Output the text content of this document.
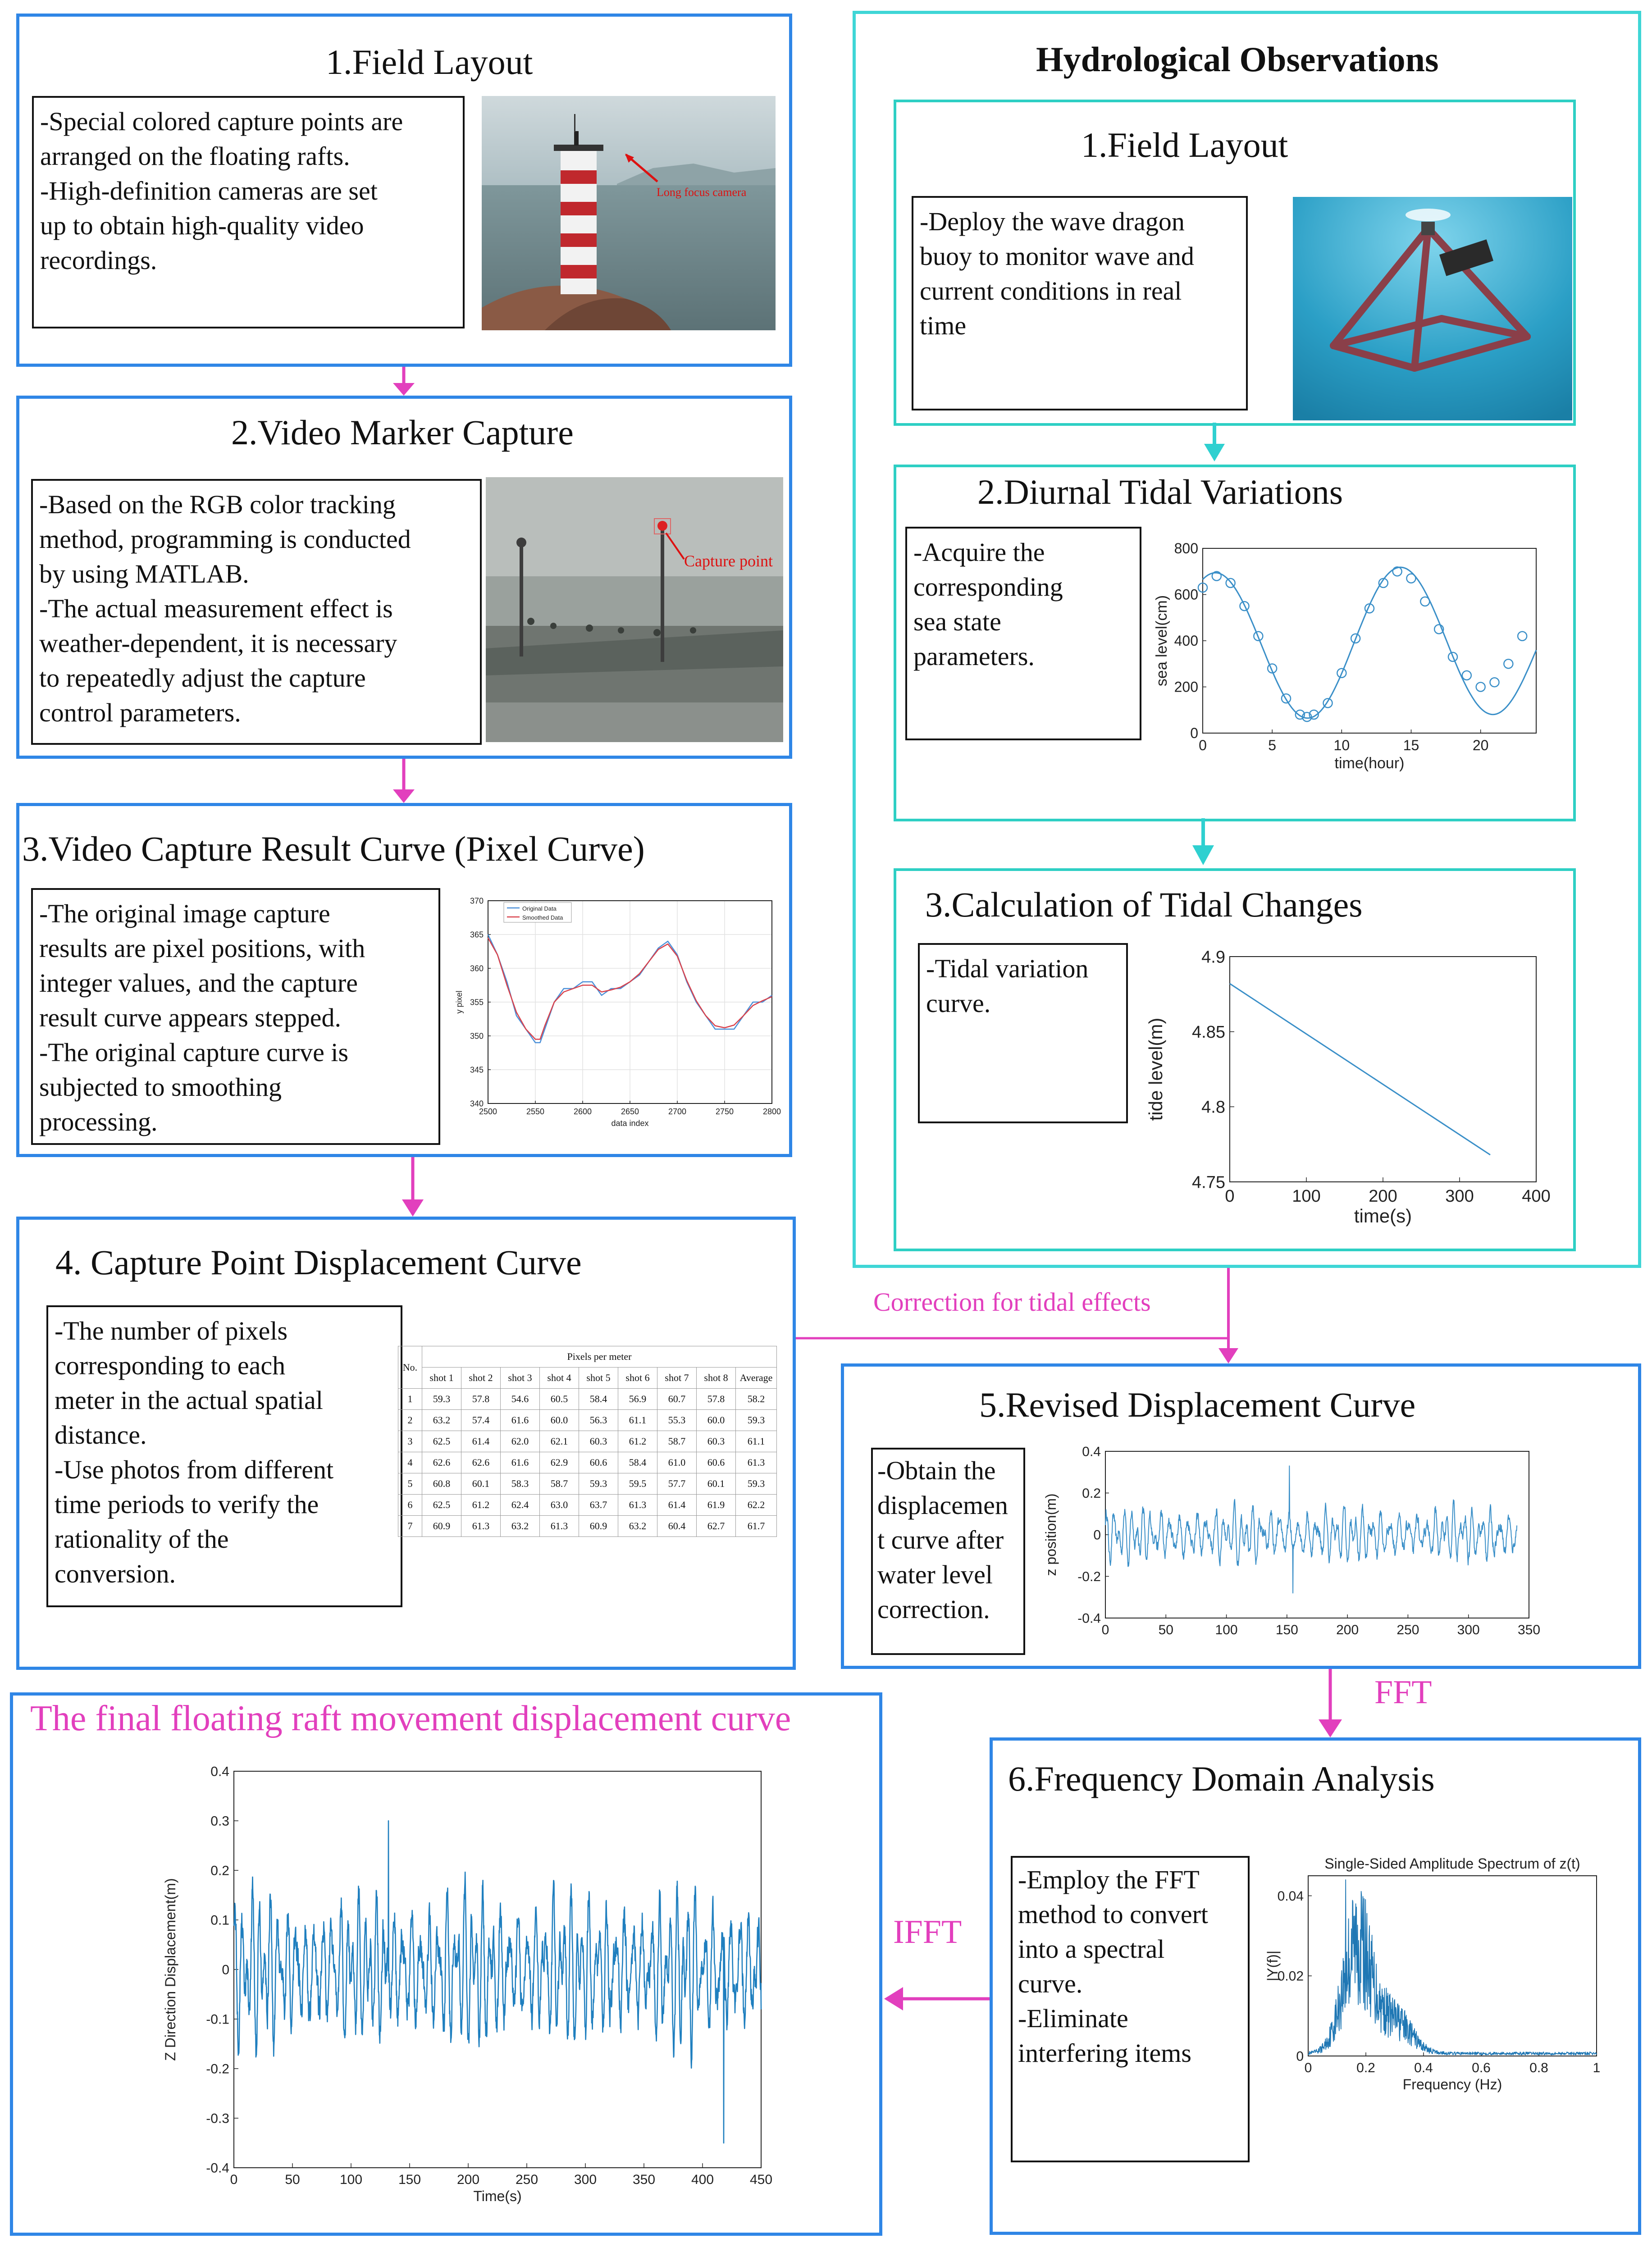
1.Field Layout
-Special colored capture points are
arranged on the floating rafts.
-High-definition cameras are set
up to obtain high-quality video
recordings.
Long focus camera
2.Video Marker Capture
-Based on the RGB color tracking
method, programming is conducted
by using MATLAB.
-The actual measurement effect is
weather-dependent, it is necessary
to repeatedly adjust the capture
control parameters.
Capture point
3.Video Capture Result Curve (Pixel Curve)
-The original image capture
results are pixel positions, with
integer values, and the capture
result curve appears stepped.
-The original capture curve is
subjected to smoothing
processing.	2500	2550	2600	2650	2700	2750	2800
340
345
350
355
360
365
370
data index
y pixel
Original Data
Smoothed Data
4. Capture Point Displacement Curve
-The number of pixels
corresponding to each
meter in the actual spatial
distance.
-Use photos from different
time periods to verify the
rationality of the
conversion.
No.	Pixels per meter								
	shot 1	shot 2	shot 3	shot 4	shot 5	shot 6	shot 7	shot 8	Average
1	59.3	57.8	54.6	60.5	58.4	56.9	60.7	57.8	58.2
2	63.2	57.4	61.6	60.0	56.3	61.1	55.3	60.0	59.3
3	62.5	61.4	62.0	62.1	60.3	61.2	58.7	60.3	61.1
4	62.6	62.6	61.6	62.9	60.6	58.4	61.0	60.6	61.3
5	60.8	60.1	58.3	58.7	59.3	59.5	57.7	60.1	59.3
6	62.5	61.2	62.4	63.0	63.7	61.3	61.4	61.9	62.2
7	60.9	61.3	63.2	61.3	60.9	63.2	60.4	62.7	61.7
Hydrological Observations
1.Field Layout
-Deploy the wave dragon
buoy to monitor wave and
current conditions in real
time
2.Diurnal Tidal Variations
-Acquire the
corresponding
sea state
parameters.
0	5	10	15	20
0
200
400
600
800
time(hour)
sea level(cm)
3.Calculation of Tidal Changes
-Tidal variation
curve.
0	100	200	300	400
4.75
4.8
4.85
4.9
time(s)
tide level(m)
5.Revised Displacement Curve
-Obtain the
displacemen
t curve after
water level
correction.
0	50	100	150	200	250	300	350
-0.4
-0.2
0
0.2
0.4
z position(m)
6.Frequency Domain Analysis
-Employ the FFT
method to convert
into a spectral
curve.
-Eliminate
interfering items
0	0.2	0.4	0.6	0.8	1
0
0.02
0.04
Frequency (Hz)
|Y(f)|
Single-Sided Amplitude Spectrum of z(t)
The final floating raft movement displacement curve
0	50	100	150	200	250	300	350	400	450
-0.4
-0.3
-0.2
-0.1
0
0.1
0.2
0.3
0.4
Time(s)
Z Direction Displacement(m)
Correction for tidal effects
FFT
IFFT
